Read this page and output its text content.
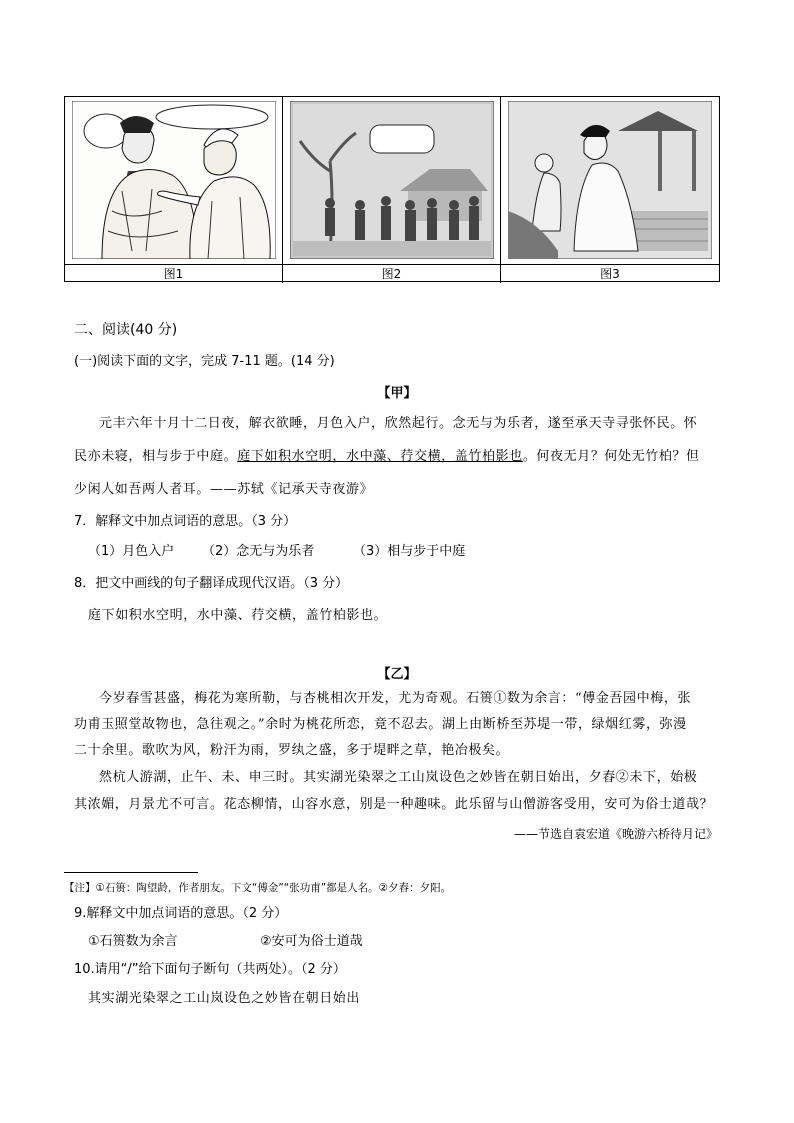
图1	图2	图3
二、阅读(40 分)
(一)阅读下面的文字，完成 7-11 题。(14 分)
【甲】
元丰六年十月十二日夜，解衣欲睡，月色入户，欣然起行。念无与为乐者，遂至承天寺寻张怀民。怀
民亦未寝，相与步于中庭。庭下如积水空明，水中藻、荇交横，盖竹柏影也。何夜无月？何处无竹柏？但
少闲人如吾两人者耳。——苏轼《记承天寺夜游》
7．解释文中加点词语的意思。（3 分）
（1）月色入户 （2）念无与为乐者	（3）相与步于中庭
8．把文中画线的句子翻译成现代汉语。（3 分）
庭下如积水空明，水中藻、荇交横，盖竹柏影也。
【乙】
今岁春雪甚盛，梅花为寒所勒，与杏桃相次开发，尤为奇观。石篑①数为余言：“傅金吾园中梅，张
功甫玉照堂故物也，急往观之。”余时为桃花所恋，竟不忍去。湖上由断桥至苏堤一带，绿烟红雾，弥漫
二十余里。歌吹为风，粉汗为雨，罗纨之盛，多于堤畔之草，艳冶极矣。
然杭人游湖，止午、未、申三时。其实湖光染翠之工山岚设色之妙皆在朝日始出，夕舂②未下，始极
其浓媚，月景尤不可言。花态柳情，山容水意，别是一种趣味。此乐留与山僧游客受用，安可为俗士道哉？
——节选自袁宏道《晚游六桥待月记》
【注】①石篑：陶望龄，作者朋友。下文“傅金”“张功甫”都是人名。②夕舂：夕阳。
9.解释文中加点词语的意思。（2 分）
①石篑数为余言	②安可为俗士道哉
10.请用“/”给下面句子断句（共两处）。（2 分）
其实湖光染翠之工山岚设色之妙皆在朝日始出
